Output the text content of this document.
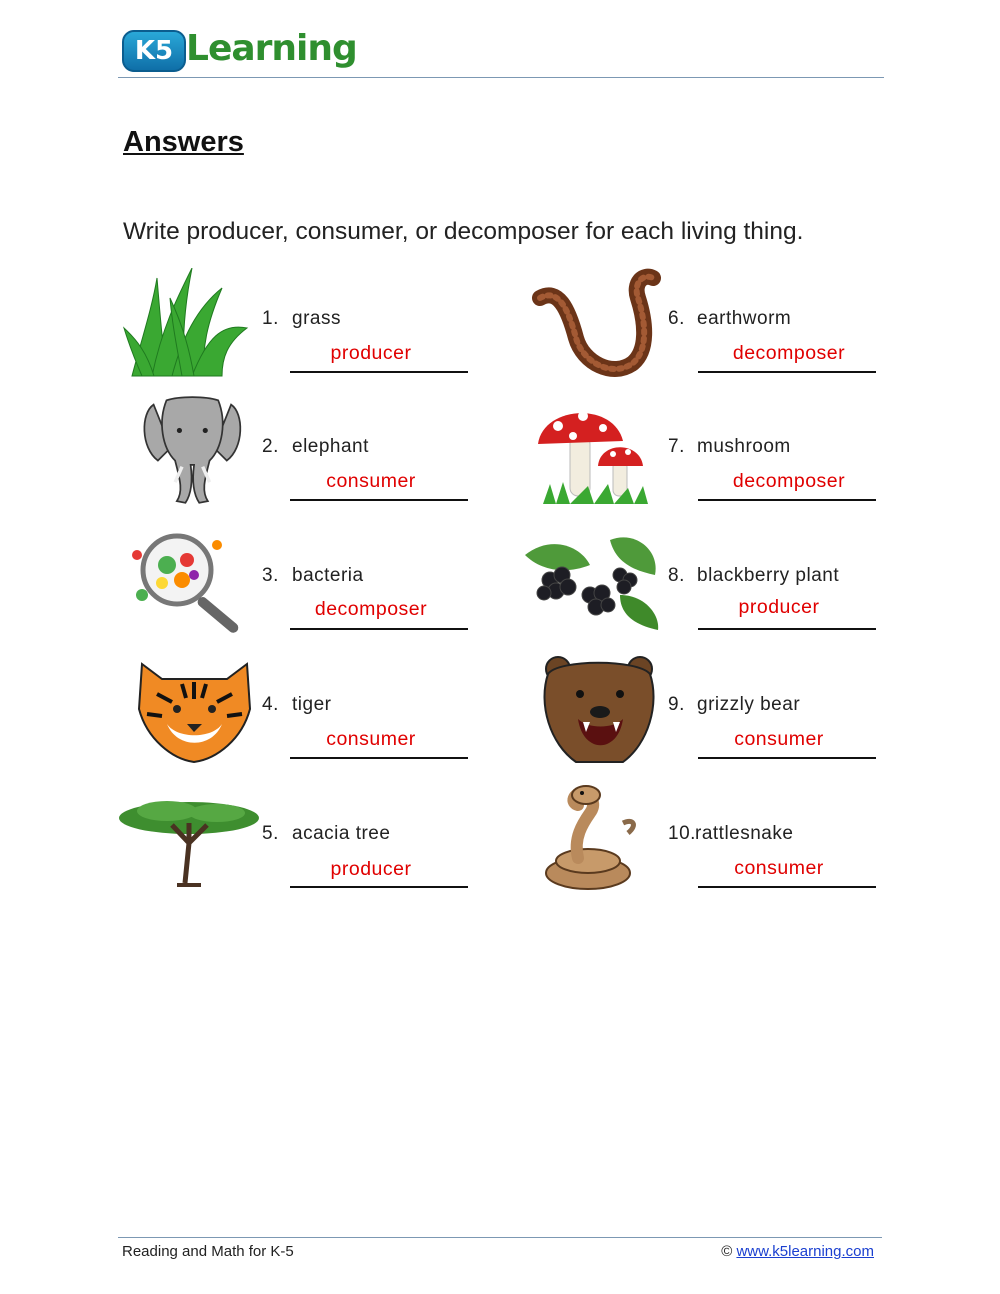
K5 Learning
Answers
Write producer, consumer, or decomposer for each living thing.
1. grass
producer
2. elephant
consumer
3. bacteria
decomposer
4. tiger
consumer
5. acacia tree
producer
6. earthworm
decomposer
7. mushroom
decomposer
8. blackberry plant
producer
9. grizzly bear
consumer
10. rattlesnake
consumer
Reading and Math for K-5	© www.k5learning.com
